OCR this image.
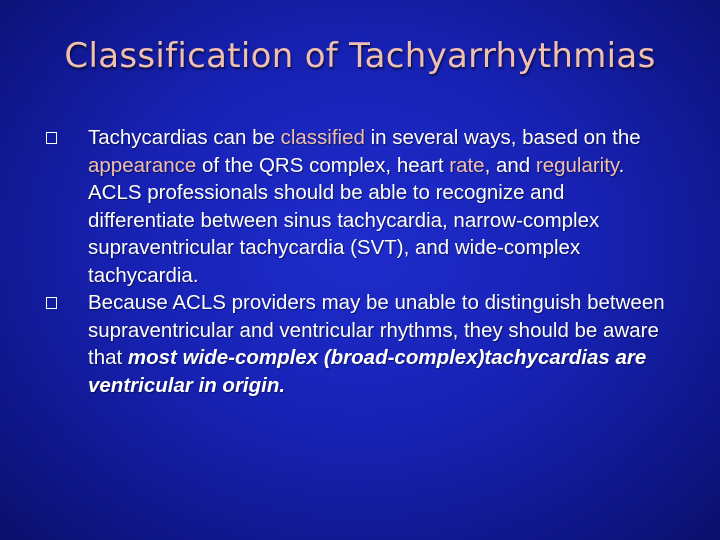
Classification of Tachyarrhythmias
Tachycardias can be classified in several ways, based on the appearance of the QRS complex, heart rate, and regularity. ACLS professionals should be able to recognize and differentiate between sinus tachycardia, narrow-complex supraventricular tachycardia (SVT), and wide-complex tachycardia.
Because ACLS providers may be unable to distinguish between supraventricular and ventricular rhythms, they should be aware that most wide-complex (broad-complex)tachycardias are ventricular in origin.
